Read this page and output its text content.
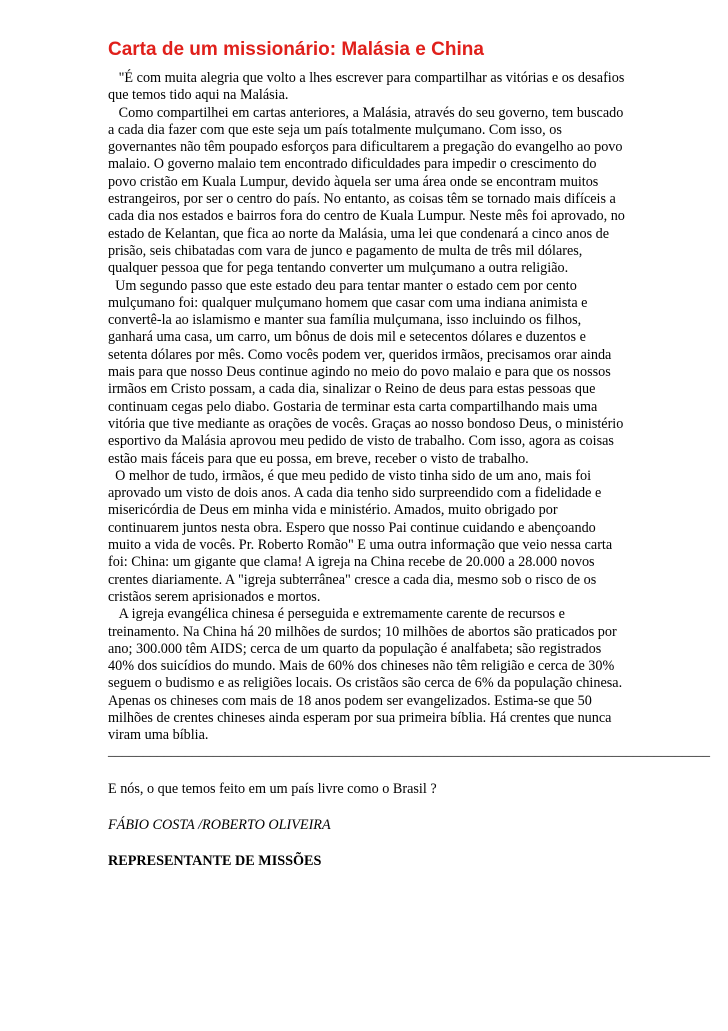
Carta de um missionário: Malásia e China

"É com muita alegria que volto a lhes escrever para compartilhar as vitórias e os desafios que temos tido aqui na Malásia.

Como compartilhei em cartas anteriores, a Malásia, através do seu governo, tem buscado a cada dia fazer com que este seja um país totalmente mulçumano. Com isso, os governantes não têm poupado esforços para dificultarem a pregação do evangelho ao povo malaio. O governo malaio tem encontrado dificuldades para impedir o crescimento do povo cristão em Kuala Lumpur, devido àquela ser uma área onde se encontram muitos estrangeiros, por ser o centro do país. No entanto, as coisas têm se tornado mais difíceis a cada dia nos estados e bairros fora do centro de Kuala Lumpur. Neste mês foi aprovado, no estado de Kelantan, que fica ao norte da Malásia, uma lei que condenará a cinco anos de prisão, seis chibatadas com vara de junco e pagamento de multa de três mil dólares, qualquer pessoa que for pega tentando converter um mulçumano a outra religião.

Um segundo passo que este estado deu para tentar manter o estado cem por cento mulçumano foi: qualquer mulçumano homem que casar com uma indiana animista e convertê-la ao islamismo e manter sua família mulçumana, isso incluindo os filhos, ganhará uma casa, um carro, um bônus de dois mil e setecentos dólares e duzentos e setenta dólares por mês. Como vocês podem ver, queridos irmãos, precisamos orar ainda mais para que nosso Deus continue agindo no meio do povo malaio e para que os nossos irmãos em Cristo possam, a cada dia, sinalizar o Reino de deus para estas pessoas que continuam cegas pelo diabo. Gostaria de terminar esta carta compartilhando mais uma vitória que tive mediante as orações de vocês. Graças ao nosso bondoso Deus, o ministério esportivo da Malásia aprovou meu pedido de visto de trabalho. Com isso, agora as coisas estão mais fáceis para que eu possa, em breve, receber o visto de trabalho.

O melhor de tudo, irmãos, é que meu pedido de visto tinha sido de um ano, mais foi aprovado um visto de dois anos. A cada dia tenho sido surpreendido com a fidelidade e misericórdia de Deus em minha vida e ministério. Amados, muito obrigado por continuarem juntos nesta obra. Espero que nosso Pai continue cuidando e abençoando muito a vida de vocês. Pr. Roberto Romão" E uma outra informação que veio nessa carta foi: China: um gigante que clama! A igreja na China recebe de 20.000 a 28.000 novos crentes diariamente. A "igreja subterrânea" cresce a cada dia, mesmo sob o risco de os cristãos serem aprisionados e mortos.

A igreja evangélica chinesa é perseguida e extremamente carente de recursos e treinamento. Na China há 20 milhões de surdos; 10 milhões de abortos são praticados por ano; 300.000 têm AIDS; cerca de um quarto da população é analfabeta; são registrados 40% dos suicídios do mundo. Mais de 60% dos chineses não têm religião e cerca de 30% seguem o budismo e as religiões locais. Os cristãos são cerca de 6% da população chinesa. Apenas os chineses com mais de 18 anos podem ser evangelizados. Estima-se que 50 milhões de crentes chineses ainda esperam por sua primeira bíblia. Há crentes que nunca viram uma bíblia.

______________________________________________________________________________________
E nós, o que temos feito em um país livre como o Brasil ?
FÁBIO COSTA /ROBERTO OLIVEIRA
REPRESENTANTE DE MISSÕES
